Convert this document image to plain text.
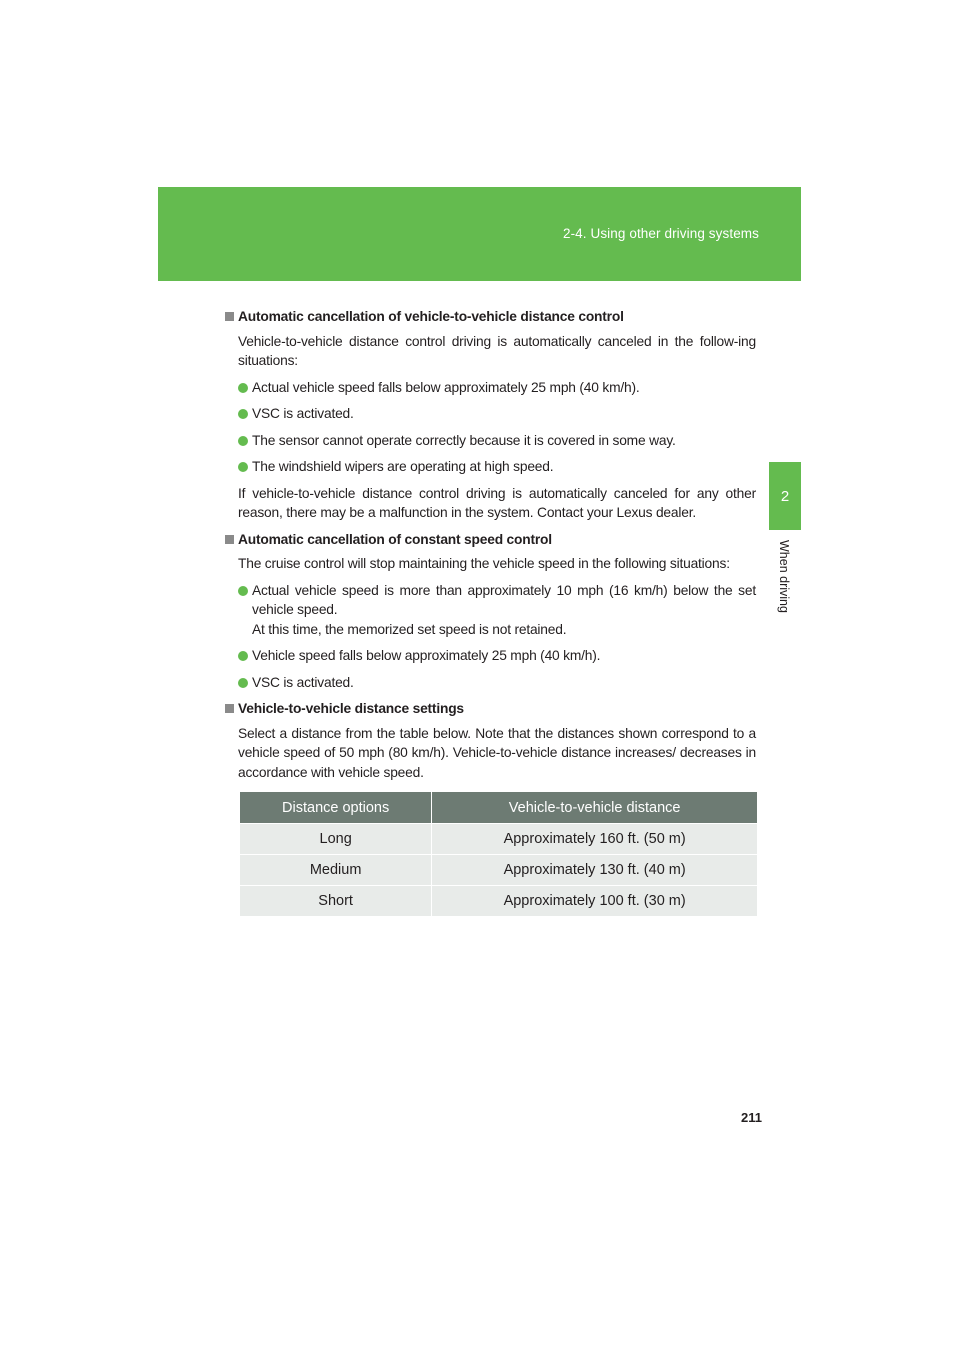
2-4. Using other driving systems
2
When driving
Automatic cancellation of vehicle-to-vehicle distance control
Vehicle-to-vehicle distance control driving is automatically canceled in the follow-ing situations:
Actual vehicle speed falls below approximately 25 mph (40 km/h).
VSC is activated.
The sensor cannot operate correctly because it is covered in some way.
The windshield wipers are operating at high speed.
If vehicle-to-vehicle distance control driving is automatically canceled for any other reason, there may be a malfunction in the system. Contact your Lexus dealer.
Automatic cancellation of constant speed control
The cruise control will stop maintaining the vehicle speed in the following situations:
Actual vehicle speed is more than approximately 10 mph (16 km/h) below the set vehicle speed.
At this time, the memorized set speed is not retained.
Vehicle speed falls below approximately 25 mph (40 km/h).
VSC is activated.
Vehicle-to-vehicle distance settings
Select a distance from the table below. Note that the distances shown correspond to a vehicle speed of 50 mph (80 km/h). Vehicle-to-vehicle distance increases/ decreases in accordance with vehicle speed.
Distance options	Vehicle-to-vehicle distance
Long	Approximately 160 ft. (50 m)
Medium	Approximately 130 ft. (40 m)
Short	Approximately 100 ft. (30 m)
211
